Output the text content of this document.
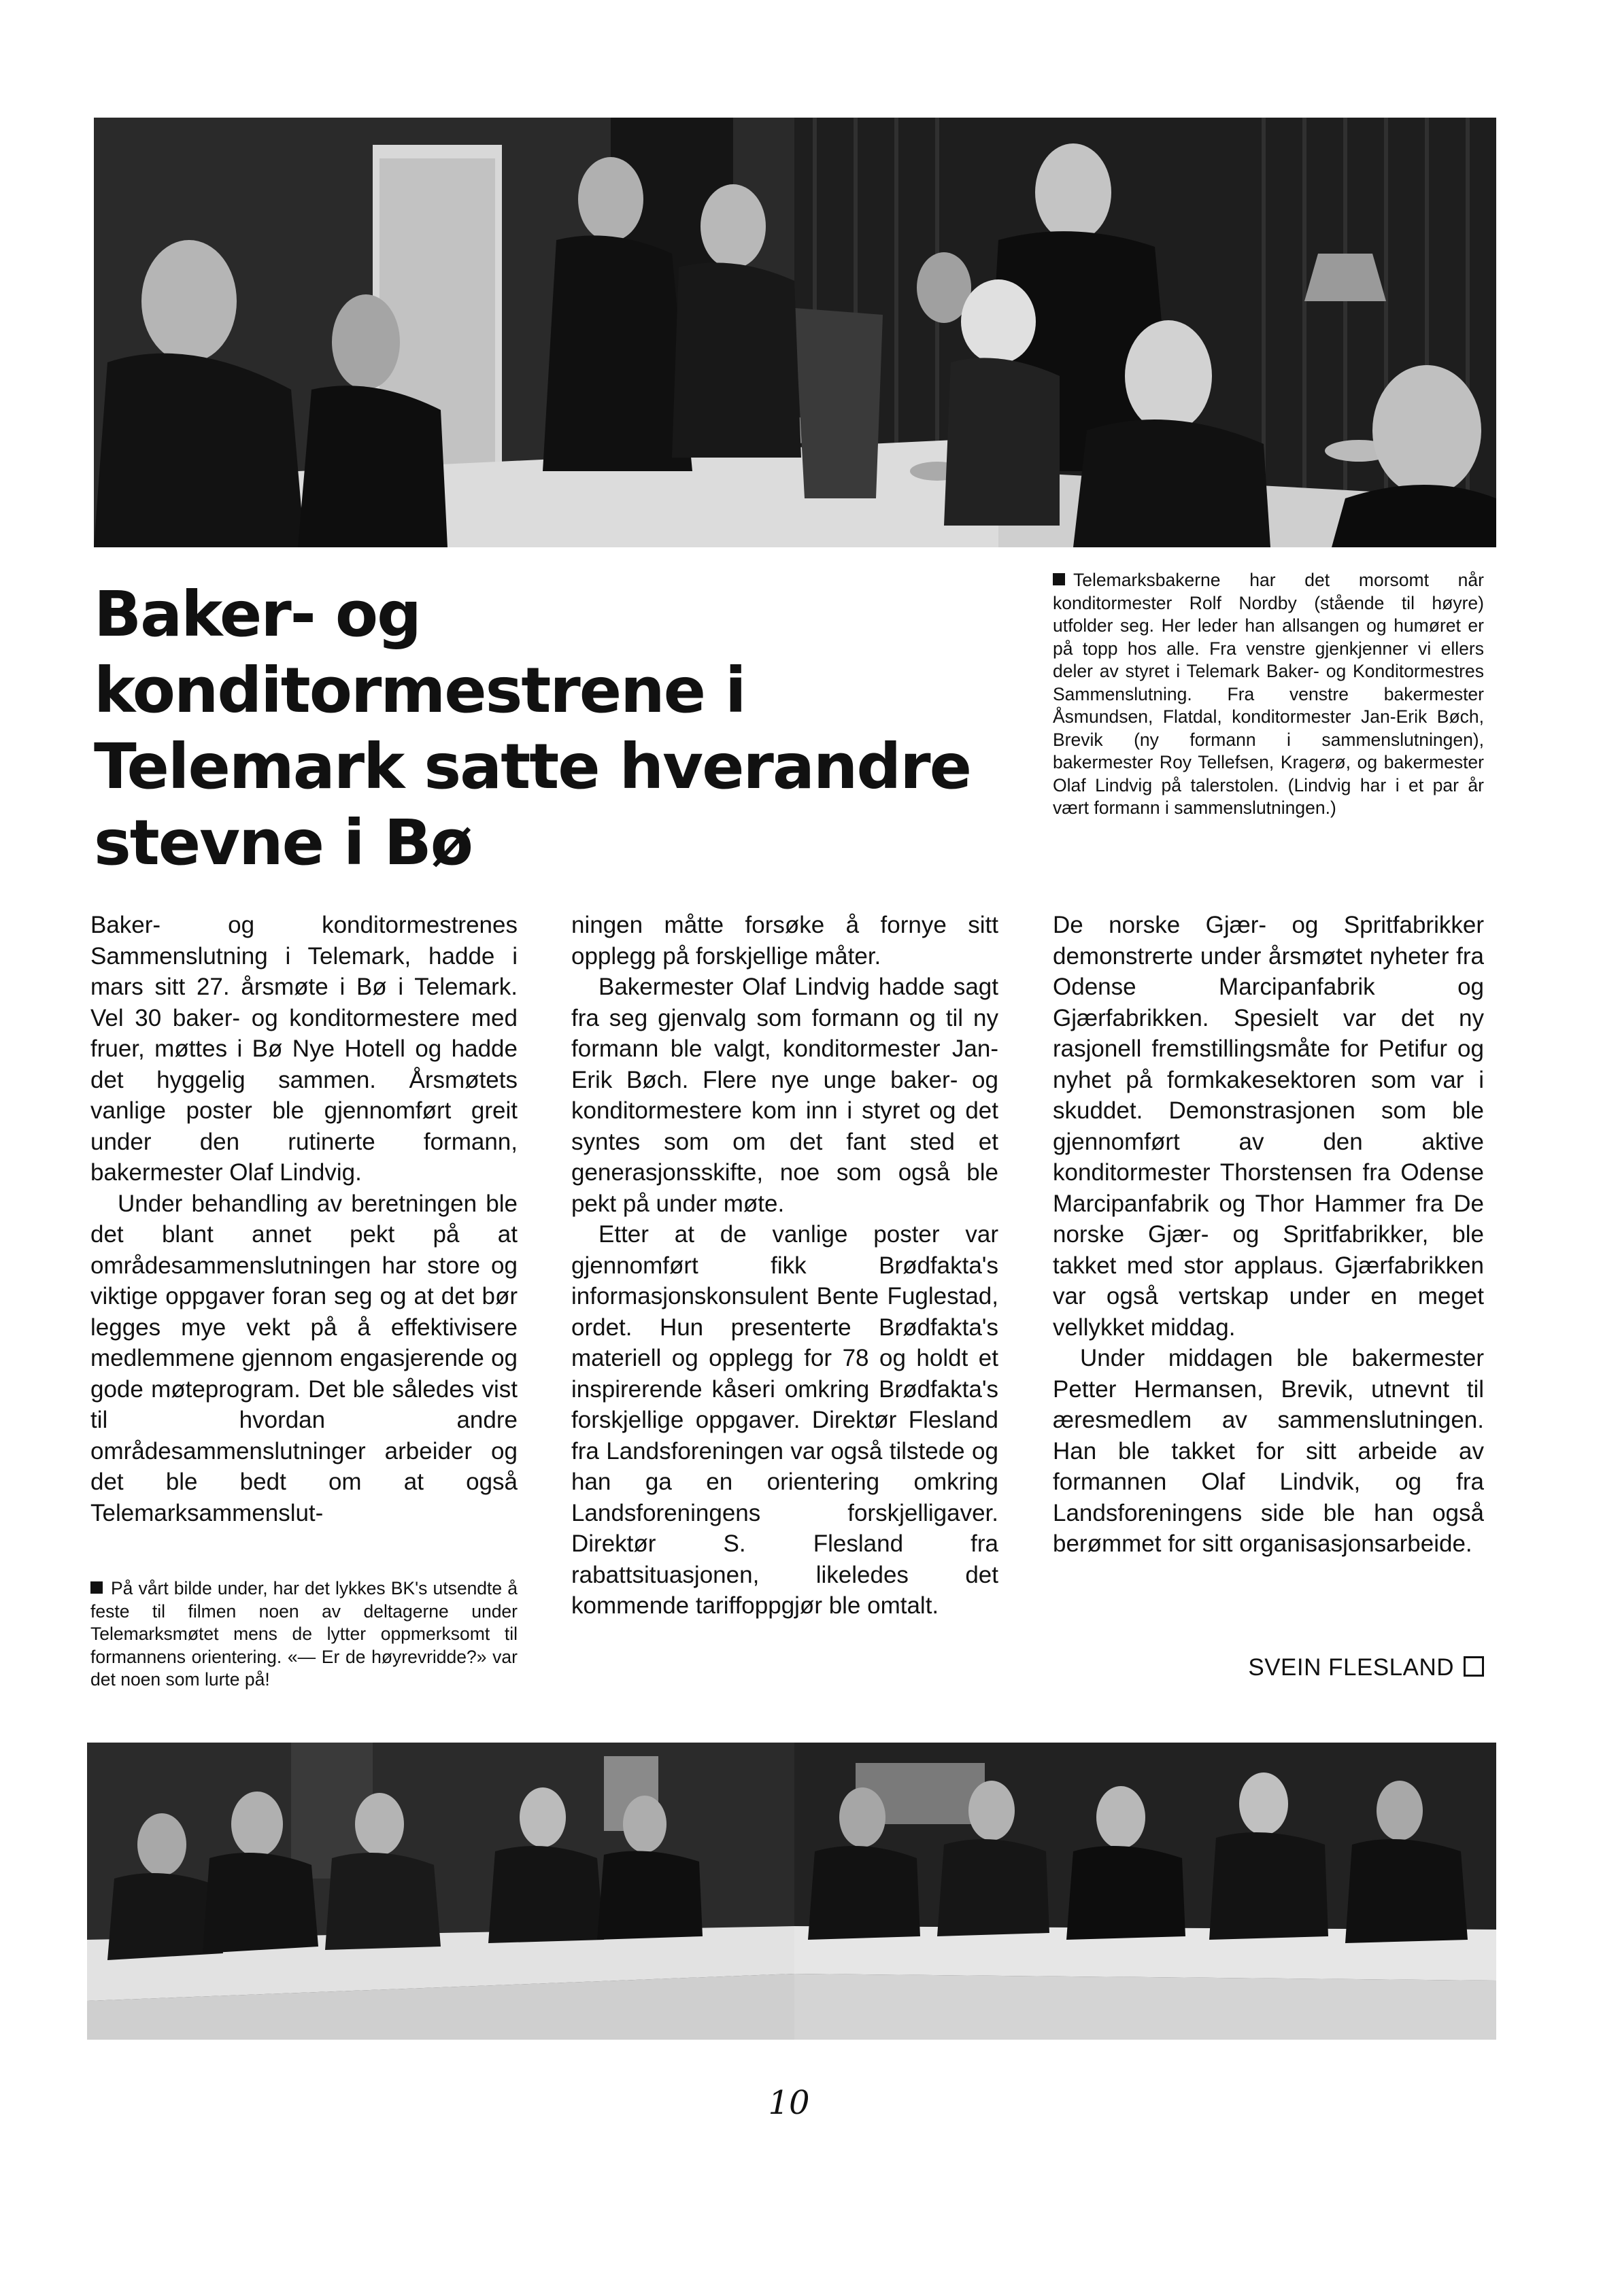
Baker- og konditormestrene i Telemark satte hverandre stevne i Bø

Telemarksbakerne har det morsomt når konditormester Rolf Nordby (stående til høyre) utfolder seg. Her leder han allsangen og humøret er på topp hos alle. Fra venstre gjenkjenner vi ellers deler av styret i Telemark Baker- og Konditormestres Sammenslutning. Fra venstre bakermester Åsmundsen, Flatdal, konditormester Jan-Erik Bøch, Brevik (ny formann i sammenslutningen), bakermester Roy Tellefsen, Kragerø, og bakermester Olaf Lindvig på talerstolen. (Lindvig har i et par år vært formann i sammenslutningen.)

Baker- og konditormestrenes Sammenslutning i Telemark, hadde i mars sitt 27. årsmøte i Bø i Telemark. Vel 30 baker- og konditormestere med fruer, møttes i Bø Nye Hotell og hadde det hyggelig sammen. Årsmøtets vanlige poster ble gjennomført greit under den rutinerte formann, bakermester Olaf Lindvig.

Under behandling av beretningen ble det blant annet pekt på at områdesammenslutningen har store og viktige oppgaver foran seg og at det bør legges mye vekt på å effektivisere medlemmene gjennom engasjerende og gode møteprogram. Det ble således vist til hvordan andre områdesammenslutninger arbeider og det ble bedt om at også Telemarksammenslut-

På vårt bilde under, har det lykkes BK's utsendte å feste til filmen noen av deltagerne under Telemarksmøtet mens de lytter oppmerksomt til formannens orientering. «— Er de høyrevridde?» var det noen som lurte på!

ningen måtte forsøke å fornye sitt opplegg på forskjellige måter.

Bakermester Olaf Lindvig hadde sagt fra seg gjenvalg som formann og til ny formann ble valgt, konditormester Jan-Erik Bøch. Flere nye unge baker- og konditormestere kom inn i styret og det syntes som om det fant sted et generasjonsskifte, noe som også ble pekt på under møte.

Etter at de vanlige poster var gjennomført fikk Brødfakta's informasjonskonsulent Bente Fuglestad, ordet. Hun presenterte Brødfakta's materiell og opplegg for 78 og holdt et inspirerende kåseri omkring Brødfakta's forskjellige oppgaver. Direktør Flesland fra Landsforeningen var også tilstede og han ga en orientering omkring Landsforeningens forskjelligaver. Direktør S. Flesland fra rabattsituasjonen, likeledes det kommende tariffoppgjør ble omtalt.

De norske Gjær- og Spritfabrikker demonstrerte under årsmøtet nyheter fra Odense Marcipanfabrik og Gjærfabrikken. Spesielt var det ny rasjonell fremstillingsmåte for Petifur og nyhet på formkakesektoren som var i skuddet. Demonstrasjonen som ble gjennomført av den aktive konditormester Thorstensen fra Odense Marcipanfabrik og Thor Hammer fra De norske Gjær- og Spritfabrikker, ble takket med stor applaus. Gjærfabrikken var også vertskap under en meget vellykket middag.

Under middagen ble bakermester Petter Hermansen, Brevik, utnevnt til æresmedlem av sammenslutningen. Han ble takket for sitt arbeide av formannen Olaf Lindvik, og fra Landsforeningens side ble han også berømmet for sitt organisasjonsarbeide.

SVEIN FLESLAND
10
